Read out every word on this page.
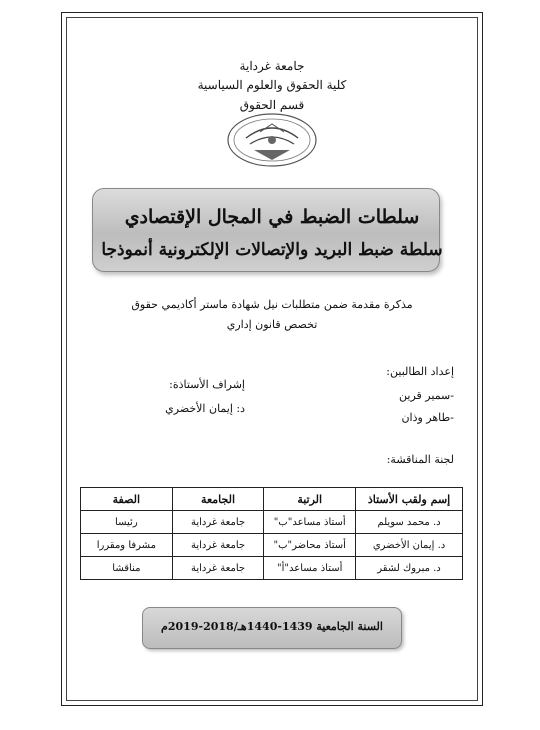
جامعة غرداية
كلية الحقوق والعلوم السياسية
قسم الحقوق
سلطات الضبط في المجال الإقتصادي
سلطة ضبط البريد والإتصالات الإلكترونية أنموذجا
مذكرة مقدمة ضمن متطلبات نيل شهادة ماستر أكاديمي حقوق
تخصص قانون إداري
إعداد الطالبين:
-سمير قرين
-طاهر وذان
إشراف الأستاذة:
د: إيمان الأخضري
لجنة المناقشة:
إسم ولقب الأستاذ	الرتبة	الجامعة	الصفة
د. محمد سويلم	أستاذ مساعد"ب"	جامعة غرداية	رئيسا
د. إيمان الأخضري	أستاذ محاضر"ب"	جامعة غرداية	مشرفا ومقررا
د. مبروك لشقر	أستاذ مساعد"أ"	جامعة غرداية	مناقشا
السنة الجامعية 1439-1440هـ/2018-2019م
